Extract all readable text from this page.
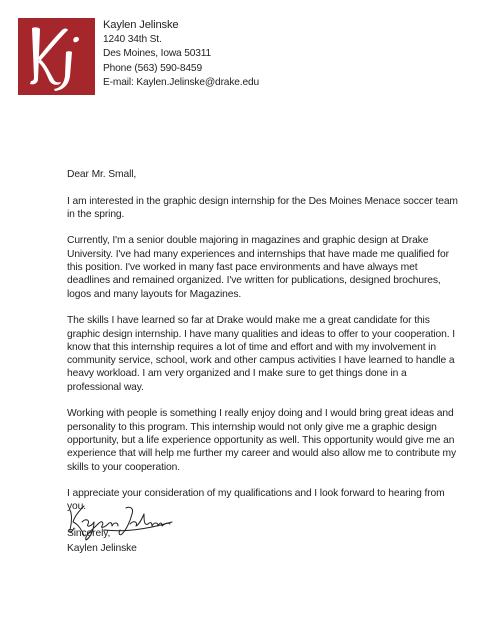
Kaylen Jelinske
1240 34th St.
Des Moines, Iowa 50311
Phone (563) 590-8459
E-mail: Kaylen.Jelinske@drake.edu

Dear Mr. Small,

I am interested in the graphic design internship for the Des Moines Menace soccer team in the spring.

Currently, I'm a senior double majoring in magazines and graphic design at Drake University. I've had many experiences and internships that have made me qualified for this position. I've worked in many fast pace environments and have always met deadlines and remained organized. I've written for publications, designed brochures, logos and many layouts for Magazines.

The skills I have learned so far at Drake would make me a great candidate for this graphic design internship. I have many qualities and ideas to offer to your cooperation. I know that this internship requires a lot of time and effort and with my involvement in community service, school, work and other campus activities I have learned to handle a heavy workload. I am very organized and I make sure to get things done in a professional way.

Working with people is something I really enjoy doing and I would bring great ideas and personality to this program. This internship would not only give me a graphic design opportunity, but a life experience opportunity as well. This opportunity would give me an experience that will help me further my career and would also allow me to contribute my skills to your cooperation.

I appreciate your consideration of my qualifications and I look forward to hearing from you.

Sincerely,

Kaylen Jelinske
